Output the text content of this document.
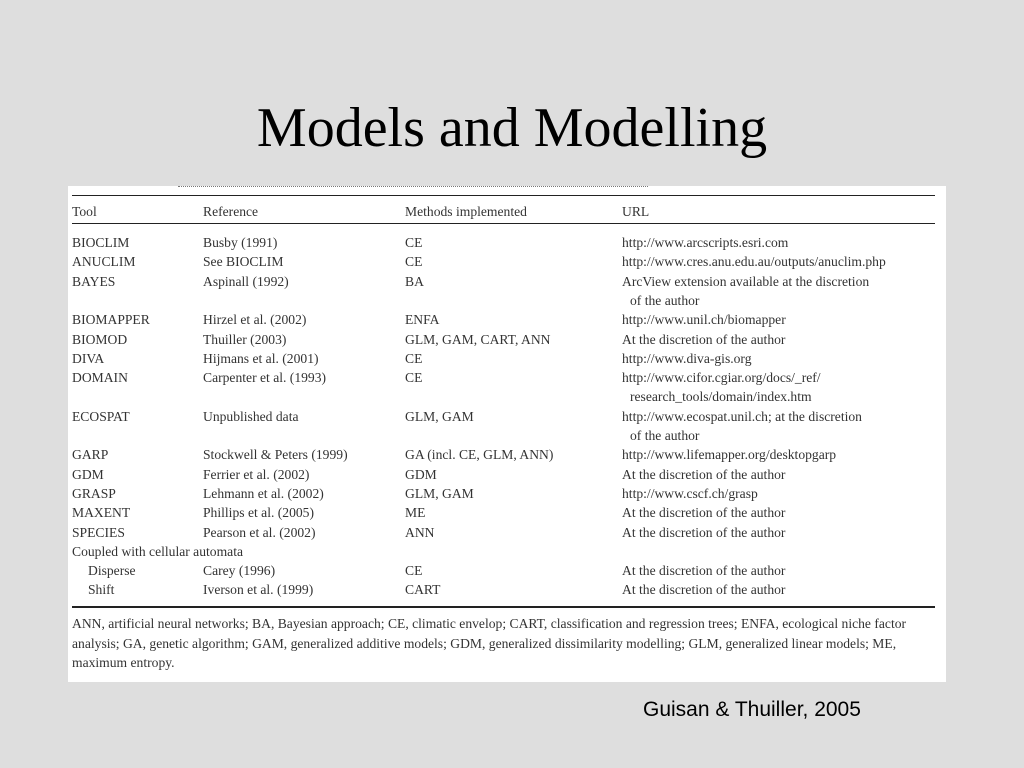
Models and Modelling
Tool	Reference	Methods implemented	URL
BIOCLIM	Busby (1991)	CE	http://www.arcscripts.esri.com
ANUCLIM	See BIOCLIM	CE	http://www.cres.anu.edu.au/outputs/anuclim.php
BAYES	Aspinall (1992)	BA	ArcView extension available at the discretion
of the author
BIOMAPPER	Hirzel et al. (2002)	ENFA	http://www.unil.ch/biomapper
BIOMOD	Thuiller (2003)	GLM, GAM, CART, ANN	At the discretion of the author
DIVA	Hijmans et al. (2001)	CE	http://www.diva-gis.org
DOMAIN	Carpenter et al. (1993)	CE	http://www.cifor.cgiar.org/docs/_ref/
research_tools/domain/index.htm
ECOSPAT	Unpublished data	GLM, GAM	http://www.ecospat.unil.ch; at the discretion
of the author
GARP	Stockwell & Peters (1999)	GA (incl. CE, GLM, ANN)	http://www.lifemapper.org/desktopgarp
GDM	Ferrier et al. (2002)	GDM	At the discretion of the author
GRASP	Lehmann et al. (2002)	GLM, GAM	http://www.cscf.ch/grasp
MAXENT	Phillips et al. (2005)	ME	At the discretion of the author
SPECIES	Pearson et al. (2002)	ANN	At the discretion of the author
Coupled with cellular automata
Disperse	Carey (1996)	CE	At the discretion of the author
Shift	Iverson et al. (1999)	CART	At the discretion of the author
ANN, artificial neural networks; BA, Bayesian approach; CE, climatic envelop; CART, classification and regression trees; ENFA, ecological niche factor analysis; GA, genetic algorithm; GAM, generalized additive models; GDM, generalized dissimilarity modelling; GLM, generalized linear models; ME, maximum entropy.
Guisan & Thuiller, 2005
